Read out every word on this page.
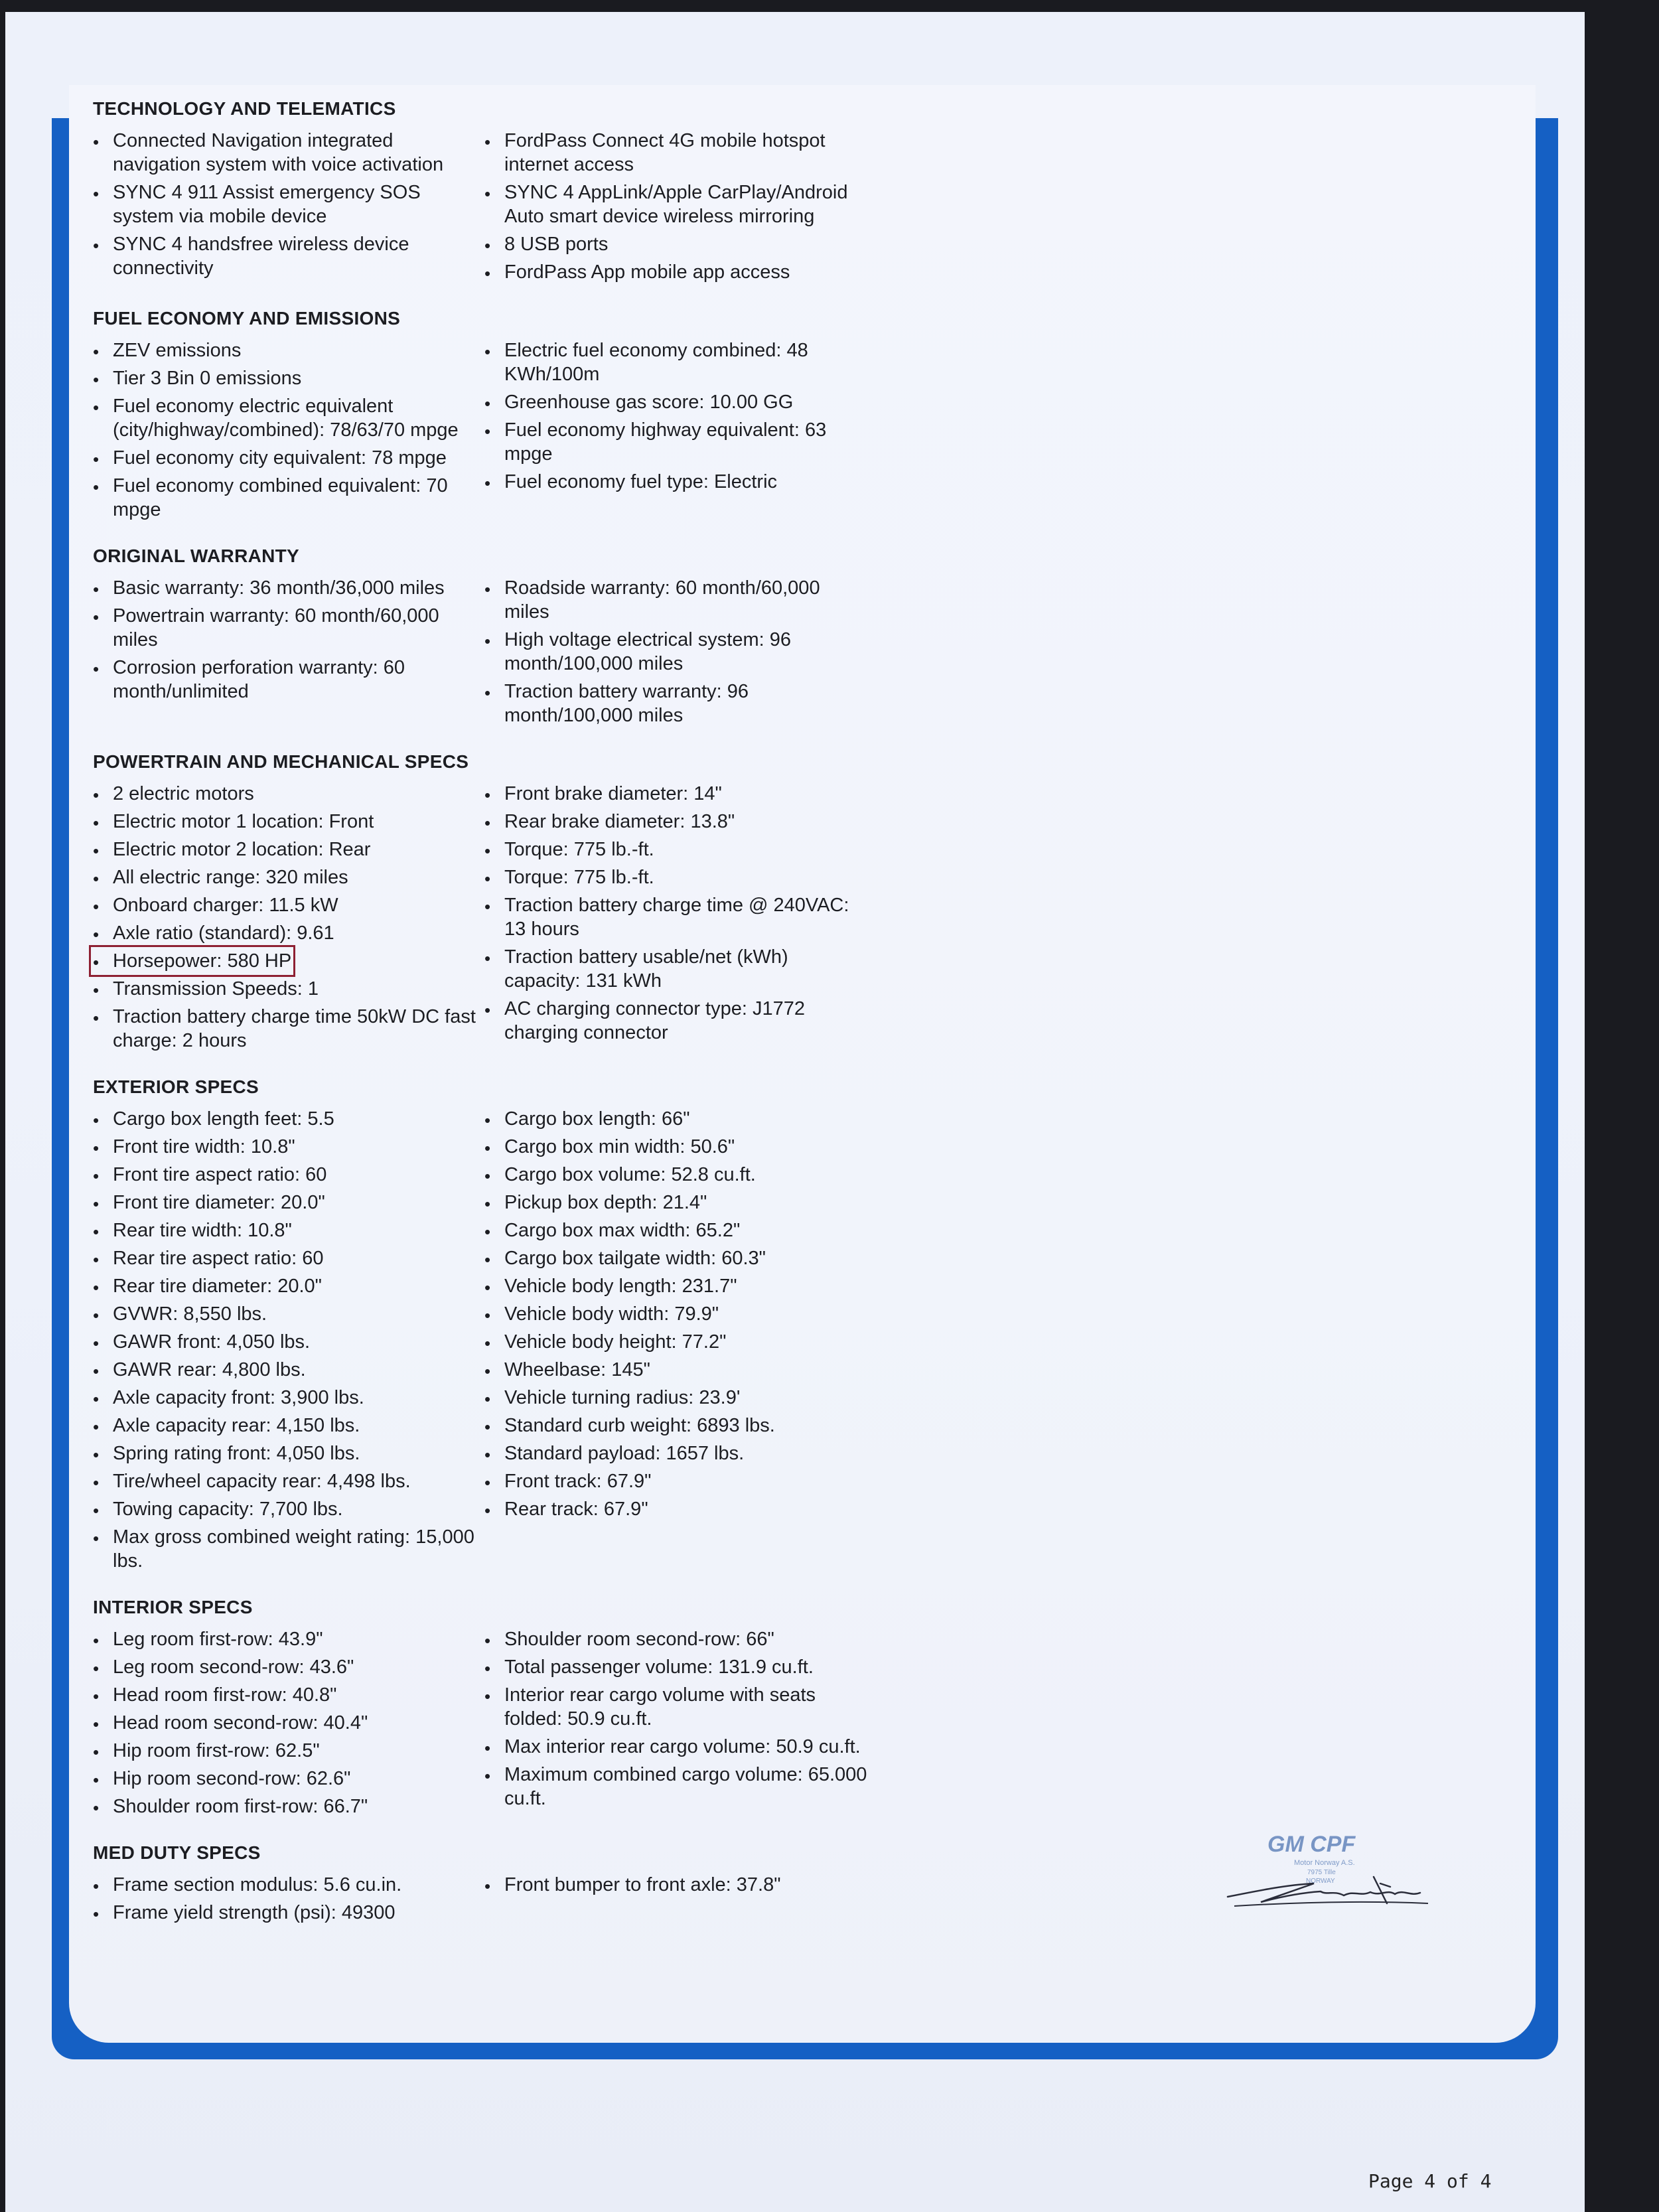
TECHNOLOGY AND TELEMATICS
• Connected Navigation integrated navigation system with voice activation
• SYNC 4 911 Assist emergency SOS system via mobile device
• SYNC 4 handsfree wireless device connectivity
• FordPass Connect 4G mobile hotspot internet access
• SYNC 4 AppLink/Apple CarPlay/Android Auto smart device wireless mirroring
• 8 USB ports
• FordPass App mobile app access
FUEL ECONOMY AND EMISSIONS
• ZEV emissions
• Tier 3 Bin 0 emissions
• Fuel economy electric equivalent (city/highway/combined): 78/63/70 mpge
• Fuel economy city equivalent: 78 mpge
• Fuel economy combined equivalent: 70 mpge
• Electric fuel economy combined: 48 KWh/100m
• Greenhouse gas score: 10.00 GG
• Fuel economy highway equivalent: 63 mpge
• Fuel economy fuel type: Electric
ORIGINAL WARRANTY
• Basic warranty: 36 month/36,000 miles
• Powertrain warranty: 60 month/60,000 miles
• Corrosion perforation warranty: 60 month/unlimited
• Roadside warranty: 60 month/60,000 miles
• High voltage electrical system: 96 month/100,000 miles
• Traction battery warranty: 96 month/100,000 miles
POWERTRAIN AND MECHANICAL SPECS
• 2 electric motors
• Electric motor 1 location: Front
• Electric motor 2 location: Rear
• All electric range: 320 miles
• Onboard charger: 11.5 kW
• Axle ratio (standard): 9.61
• Horsepower: 580 HP
• Transmission Speeds: 1
• Traction battery charge time 50kW DC fast charge: 2 hours
• Front brake diameter: 14"
• Rear brake diameter: 13.8"
• Torque: 775 lb.-ft.
• Torque: 775 lb.-ft.
• Traction battery charge time @ 240VAC: 13 hours
• Traction battery usable/net (kWh) capacity: 131 kWh
• AC charging connector type: J1772 charging connector
EXTERIOR SPECS
• Cargo box length feet: 5.5
• Front tire width: 10.8"
• Front tire aspect ratio: 60
• Front tire diameter: 20.0"
• Rear tire width: 10.8"
• Rear tire aspect ratio: 60
• Rear tire diameter: 20.0"
• GVWR: 8,550 lbs.
• GAWR front: 4,050 lbs.
• GAWR rear: 4,800 lbs.
• Axle capacity front: 3,900 lbs.
• Axle capacity rear: 4,150 lbs.
• Spring rating front: 4,050 lbs.
• Tire/wheel capacity rear: 4,498 lbs.
• Towing capacity: 7,700 lbs.
• Max gross combined weight rating: 15,000 lbs.
• Cargo box length: 66"
• Cargo box min width: 50.6"
• Cargo box volume: 52.8 cu.ft.
• Pickup box depth: 21.4"
• Cargo box max width: 65.2"
• Cargo box tailgate width: 60.3"
• Vehicle body length: 231.7"
• Vehicle body width: 79.9"
• Vehicle body height: 77.2"
• Wheelbase: 145"
• Vehicle turning radius: 23.9'
• Standard curb weight: 6893 lbs.
• Standard payload: 1657 lbs.
• Front track: 67.9"
• Rear track: 67.9"
INTERIOR SPECS
• Leg room first-row: 43.9"
• Leg room second-row: 43.6"
• Head room first-row: 40.8"
• Head room second-row: 40.4"
• Hip room first-row: 62.5"
• Hip room second-row: 62.6"
• Shoulder room first-row: 66.7"
• Shoulder room second-row: 66"
• Total passenger volume: 131.9 cu.ft.
• Interior rear cargo volume with seats folded: 50.9 cu.ft.
• Max interior rear cargo volume: 50.9 cu.ft.
• Maximum combined cargo volume: 65.000 cu.ft.
MED DUTY SPECS
• Frame section modulus: 5.6 cu.in.
• Frame yield strength (psi): 49300
• Front bumper to front axle: 37.8"
GM CPF
Motor Norway A.S.
7975 Tille
NORWAY
Page 4 of 4
